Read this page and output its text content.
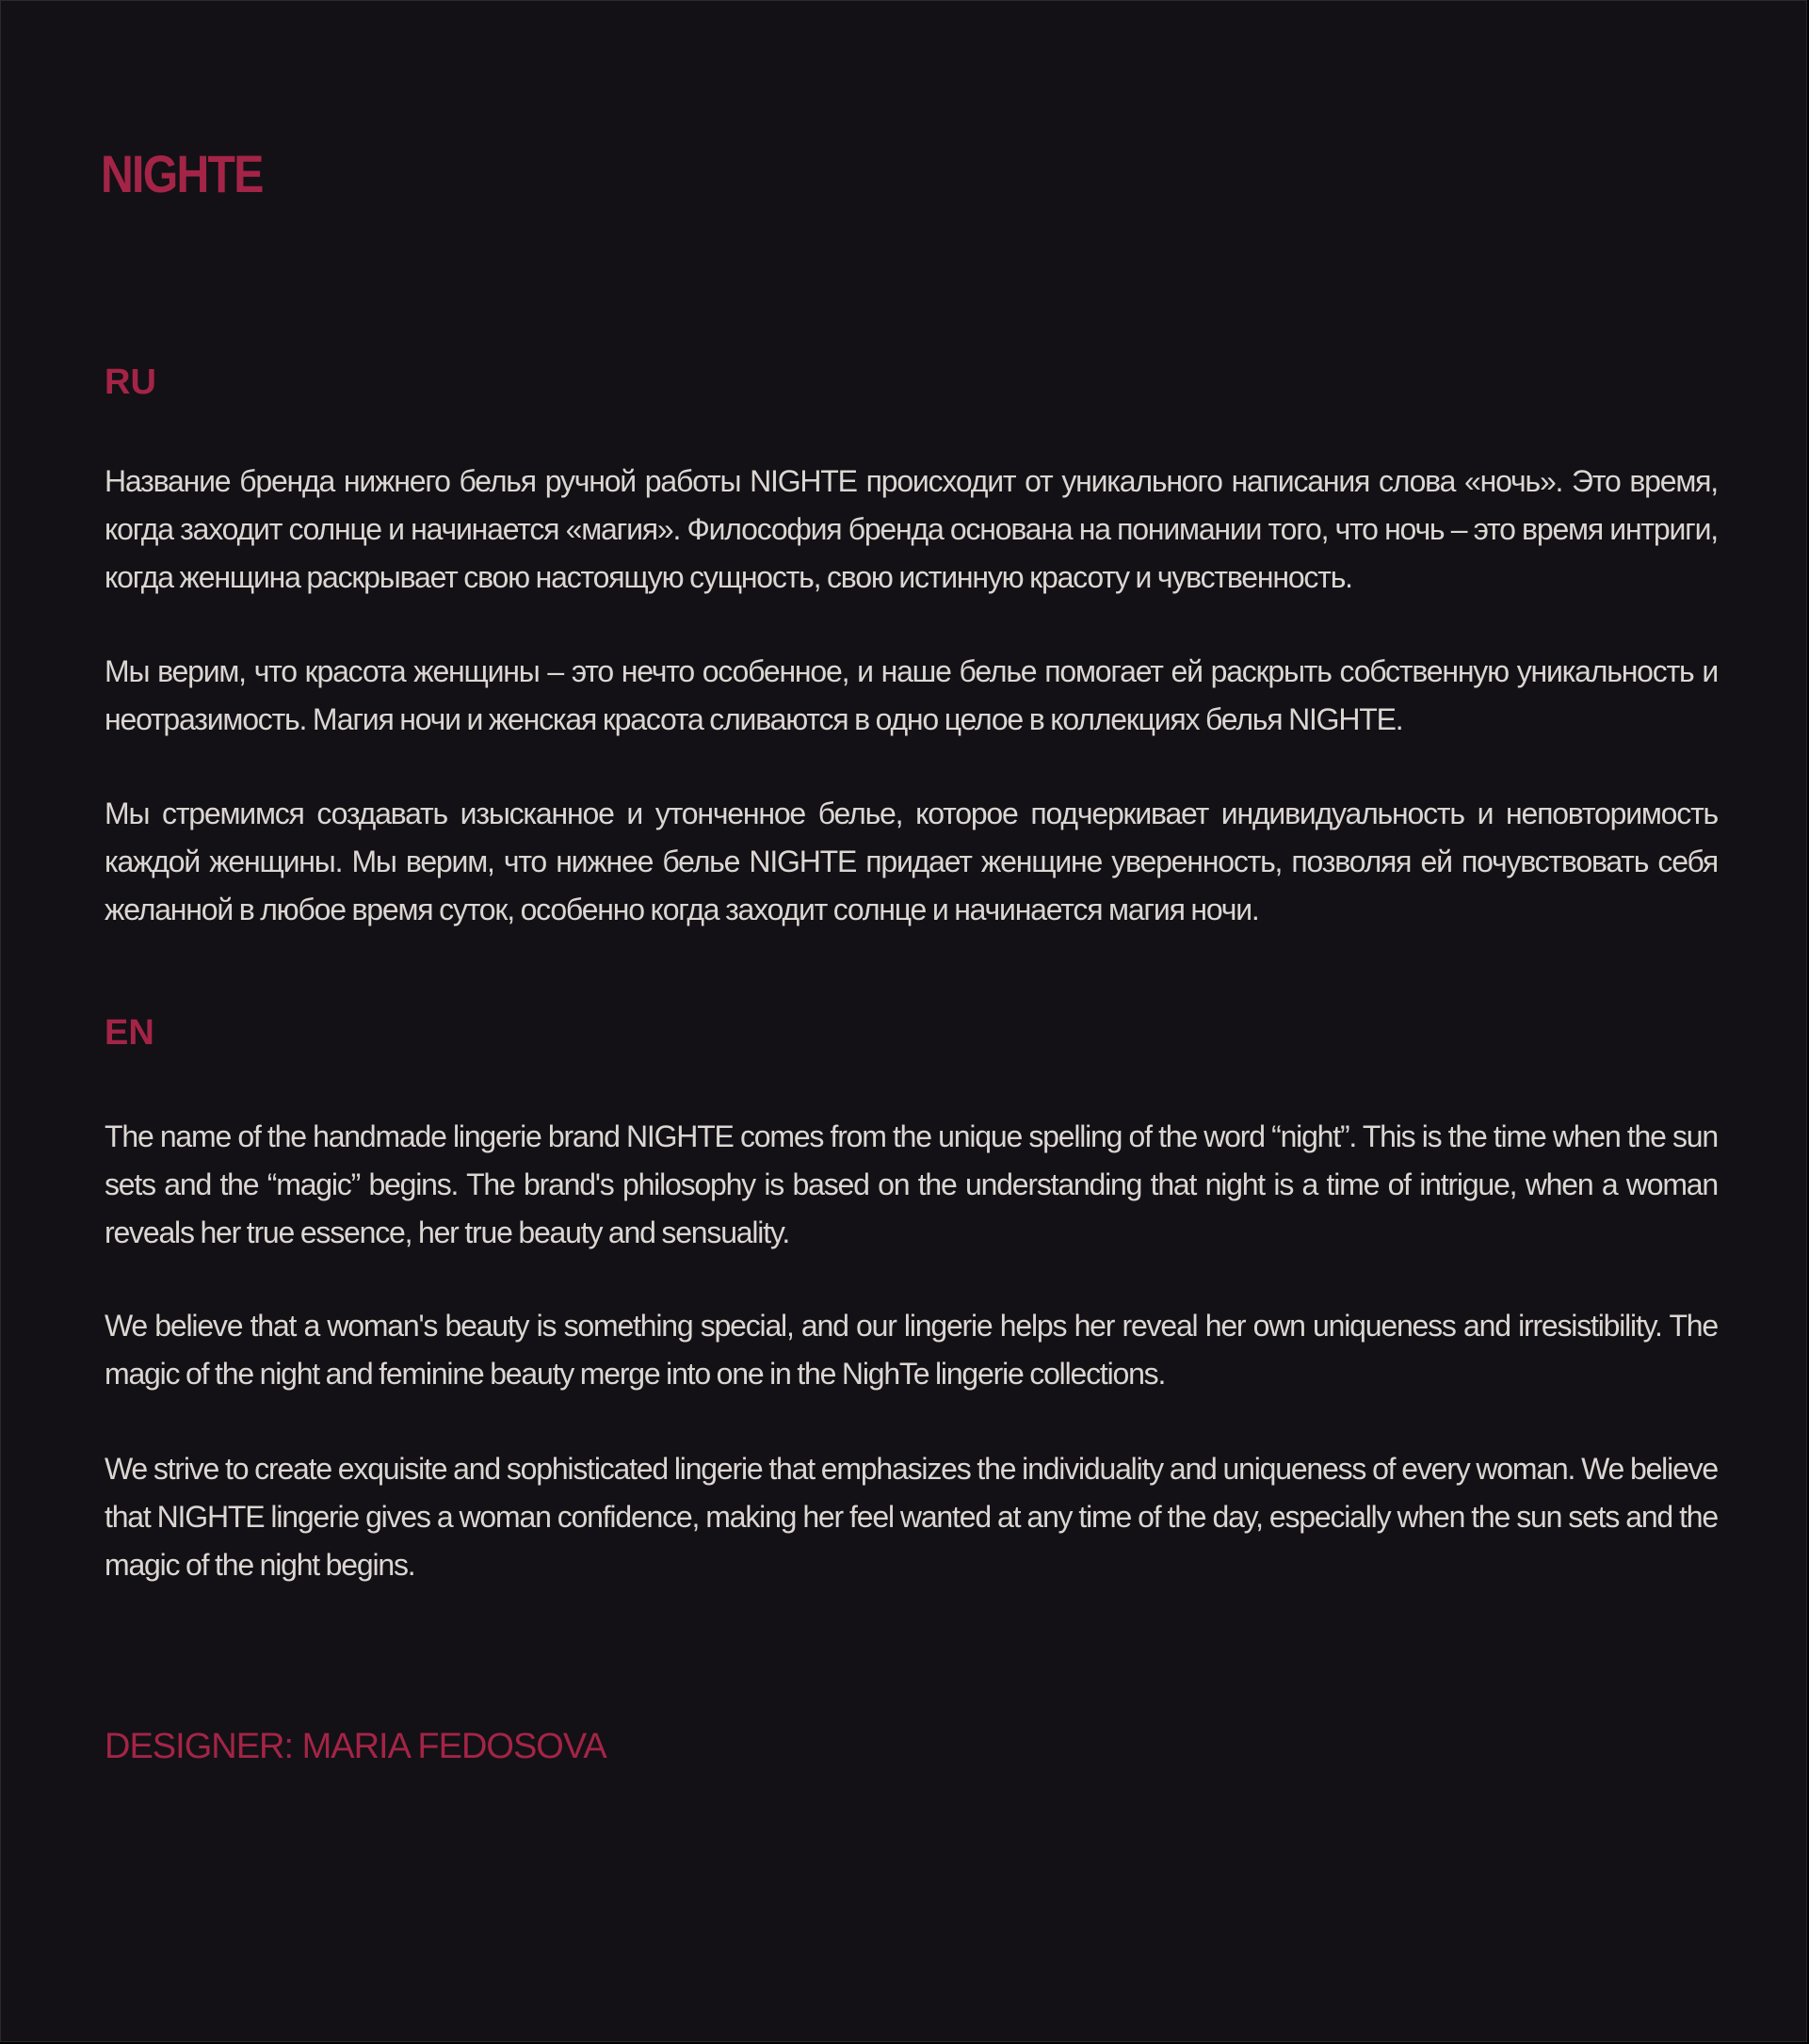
NIGHTE
RU

Название бренда нижнего белья ручной работы NIGHTE происходит от уникального написания слова «ночь». Это время, когда заходит солнце и начинается «магия». Философия бренда основана на понимании того, что ночь – это время интриги, когда женщина раскрывает свою настоящую сущность, свою истинную красоту и чувственность.

Мы верим, что красота женщины – это нечто особенное, и наше белье помогает ей раскрыть собственную уникальность и неотразимость. Магия ночи и женская красота сливаются в одно целое в коллекциях белья NIGHTE.

Мы стремимся создавать изысканное и утонченное белье, которое подчеркивает индивидуальность и неповторимость каждой женщины. Мы верим, что нижнее белье NIGHTE придает женщине уверенность, позволяя ей почувствовать себя желанной в любое время суток, особенно когда заходит солнце и начинается магия ночи.

EN

The name of the handmade lingerie brand NIGHTE comes from the unique spelling of the word “night”. This is the time when the sun sets and the “magic” begins. The brand's philosophy is based on the understanding that night is a time of intrigue, when a woman reveals her true essence, her true beauty and sensuality.

We believe that a woman's beauty is something special, and our lingerie helps her reveal her own uniqueness and irresistibility. The magic of the night and feminine beauty merge into one in the NighTe lingerie collections.

We strive to create exquisite and sophisticated lingerie that emphasizes the individuality and uniqueness of every woman. We believe that NIGHTE lingerie gives a woman confidence, making her feel wanted at any time of the day, especially when the sun sets and the magic of the night begins.

DESIGNER: MARIA FEDOSOVA
